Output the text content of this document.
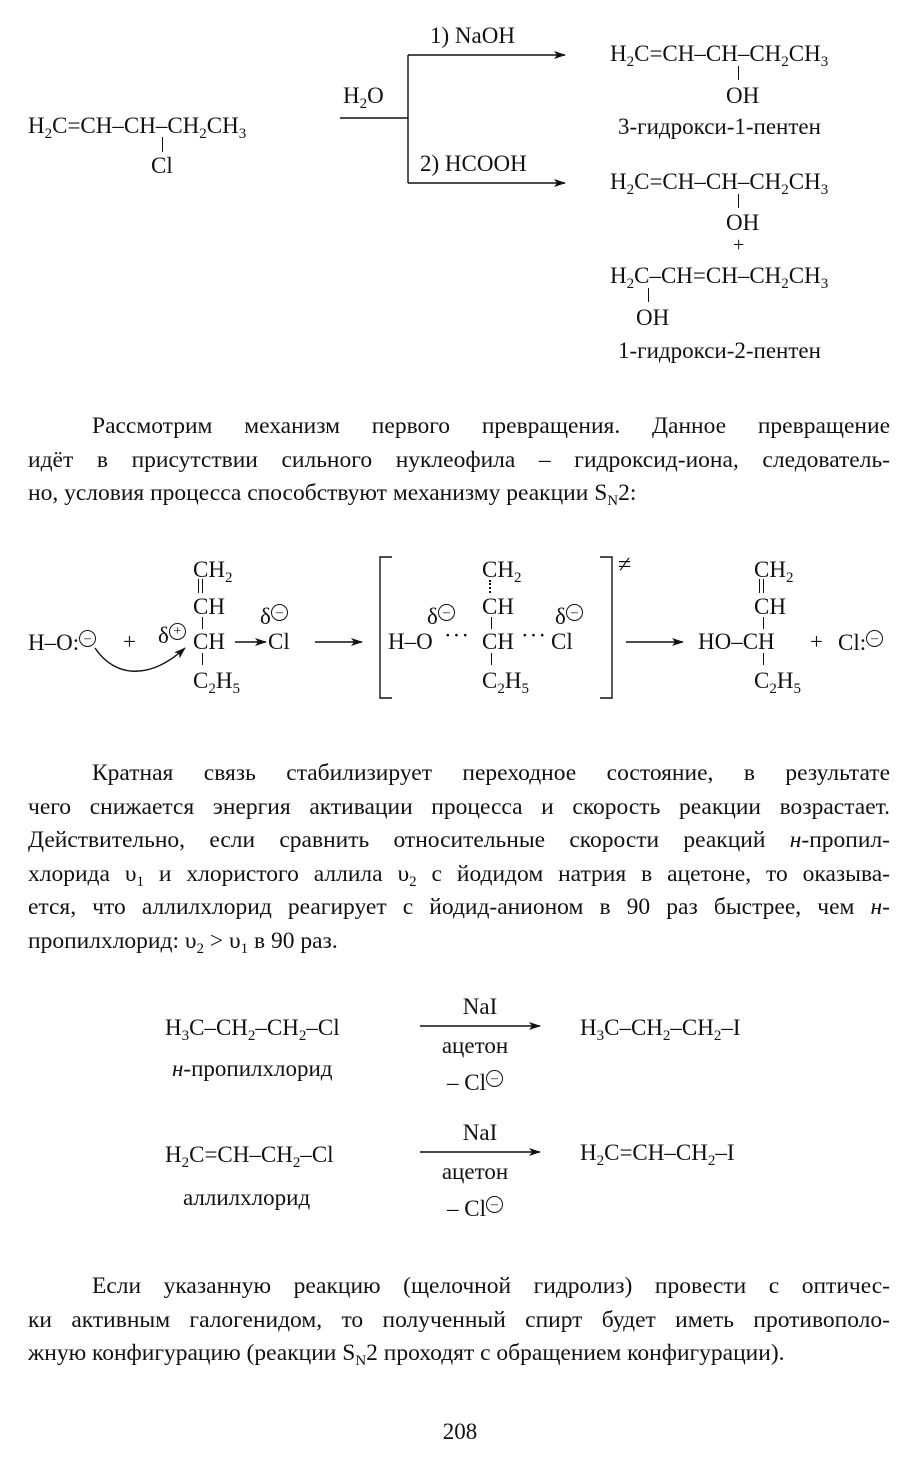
$H_2C=CH-CH-CH_2CH_3$
Cl
$H_2O$
1) NaOH
2) HCOOH
$H_2C=CH-CH-CH_2CH_3$
OH
3-гидрокси-1-пентен
$H_2C=CH-CH-CH_2CH_3$
OH
+
$H_2C-CH=CH-CH_2CH_3$
OH
1-гидрокси-2-пентен
Рассмотрим механизм первого превращения. Данное превращение
идёт в присутствии сильного нуклеофила – гидроксид-иона, следователь-
но, условия процесса способствуют механизму реакции $S_N2$:
H–O: – + δ +
$CH_2$
CH
CH Cl
δ –
$C_2H_5$
H–O
δ –
···
$CH_2$
CH
CH ··· Cl
δ –
$C_2H_5$
≠	$CH_2$
CH
HO–CH + Cl: –
$C_2H_5$
Кратная связь стабилизирует переходное состояние, в результате
чего снижается энергия активации процесса и скорость реакции возрастает.
Действительно, если сравнить относительные скорости реакций н-пропил-
хлорида $\upsilon_1$ и хлористого аллила $\upsilon_2$ с йодидом натрия в ацетоне, то оказыва-
ется, что аллилхлорид реагирует с йодид-анионом в 90 раз быстрее, чем н-
пропилхлорид: $\upsilon_2 > \upsilon_1$ в 90 раз.
$H_3C-CH_2-CH_2-Cl$
н-пропилхлорид
NaI
ацетон
– Cl –
$H_3C-CH_2-CH_2-I$
$H_2C=CH-CH_2-Cl$
аллилхлорид
NaI
ацетон
– Cl –
$H_2C=CH-CH_2-I$
Если указанную реакцию (щелочной гидролиз) провести с оптичес-
ки активным галогенидом, то полученный спирт будет иметь противополо-
жную конфигурацию (реакции $S_N2$ проходят с обращением конфигурации).
208
